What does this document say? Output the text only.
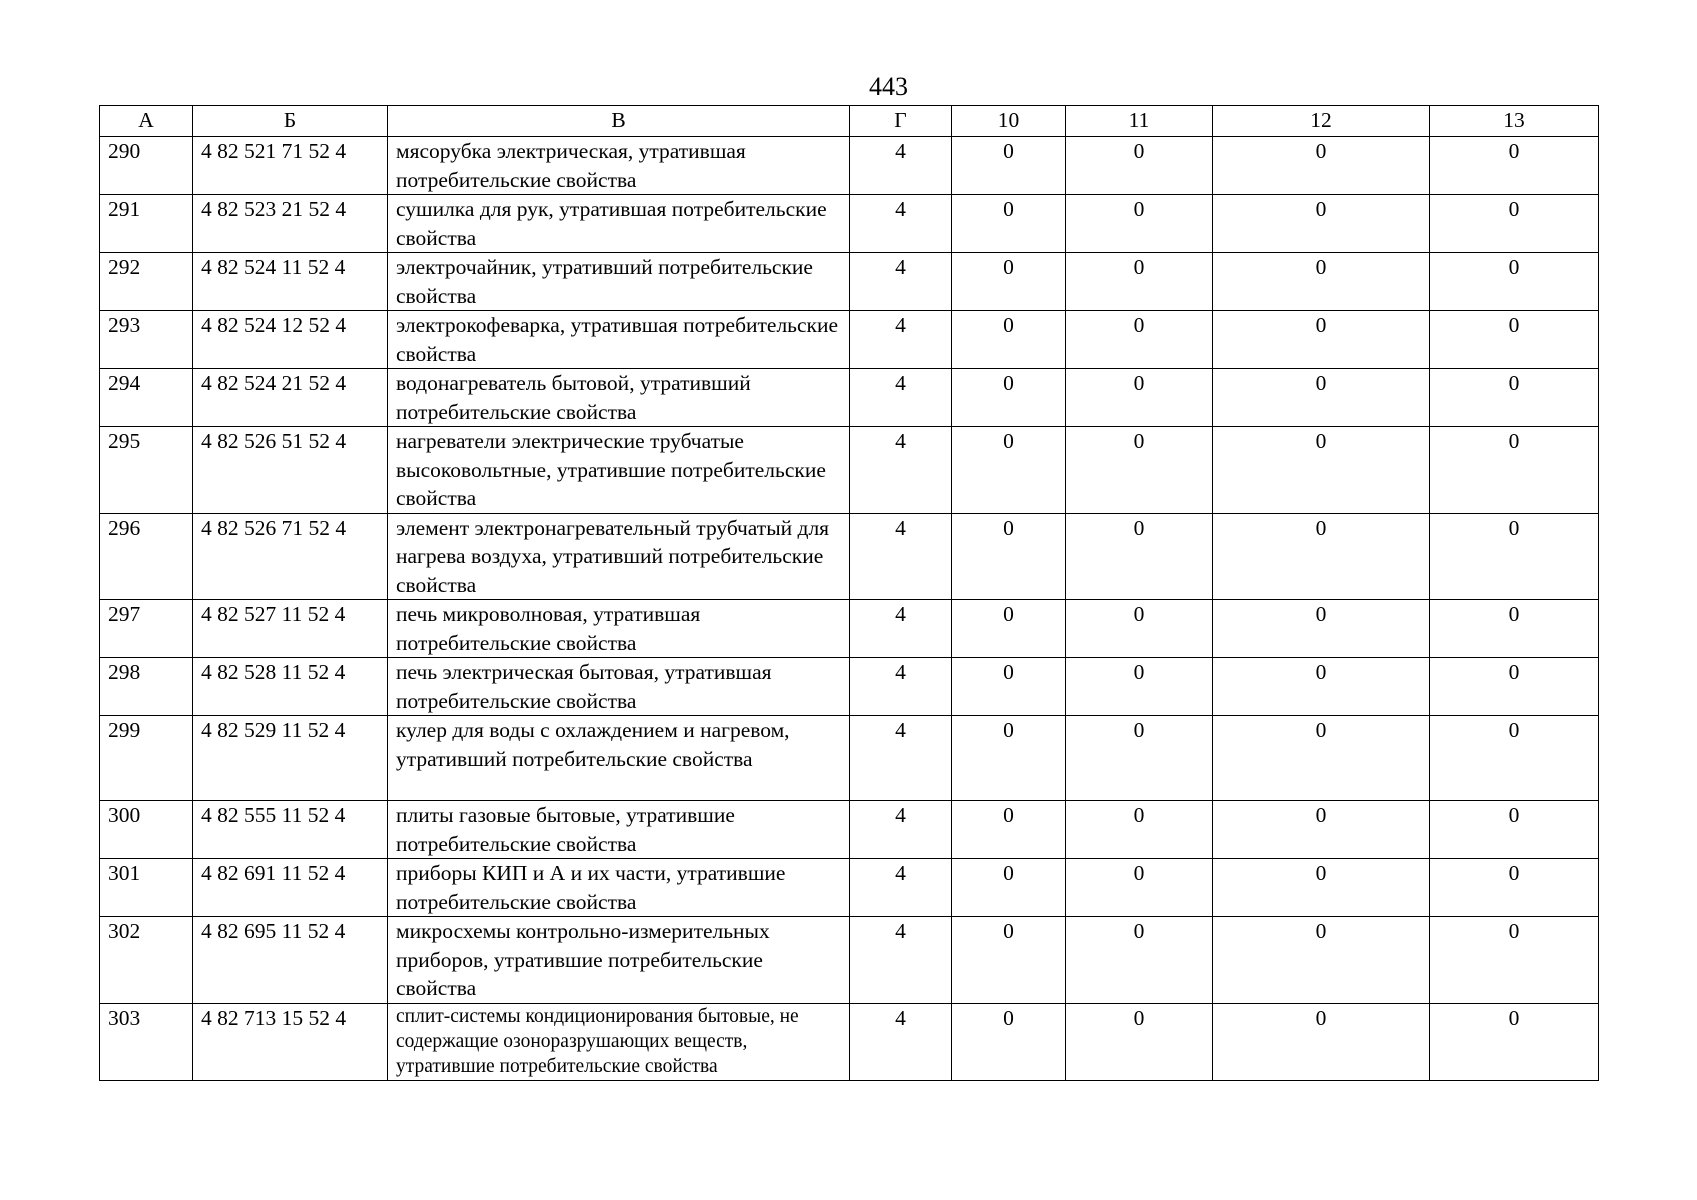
443
А	Б	В	Г	10	11	12	13
290	4 82 521 71 52 4	мясорубка электрическая, утратившая потребительские свойства	4	0	0	0	0
291	4 82 523 21 52 4	сушилка для рук, утратившая потребительские свойства	4	0	0	0	0
292	4 82 524 11 52 4	электрочайник, утративший потребительские свойства	4	0	0	0	0
293	4 82 524 12 52 4	электрокофеварка, утратившая потребительские свойства	4	0	0	0	0
294	4 82 524 21 52 4	водонагреватель бытовой, утративший потребительские свойства	4	0	0	0	0
295	4 82 526 51 52 4	нагреватели электрические трубчатые высоковольтные, утратившие потребительские свойства	4	0	0	0	0
296	4 82 526 71 52 4	элемент электронагревательный трубчатый для нагрева воздуха, утративший потребительские свойства	4	0	0	0	0
297	4 82 527 11 52 4	печь микроволновая, утратившая потребительские свойства	4	0	0	0	0
298	4 82 528 11 52 4	печь электрическая бытовая, утратившая потребительские свойства	4	0	0	0	0
299	4 82 529 11 52 4	кулер для воды с охлаждением и нагревом, утративший потребительские свойства	4	0	0	0	0
300	4 82 555 11 52 4	плиты газовые бытовые, утратившие потребительские свойства	4	0	0	0	0
301	4 82 691 11 52 4	приборы КИП и А и их части, утратившие потребительские свойства	4	0	0	0	0
302	4 82 695 11 52 4	микросхемы контрольно-измерительных приборов, утратившие потребительские свойства	4	0	0	0	0
303	4 82 713 15 52 4	сплит-системы кондиционирования бытовые, не содержащие озоноразрушающих веществ, утратившие потребительские свойства	4	0	0	0	0
